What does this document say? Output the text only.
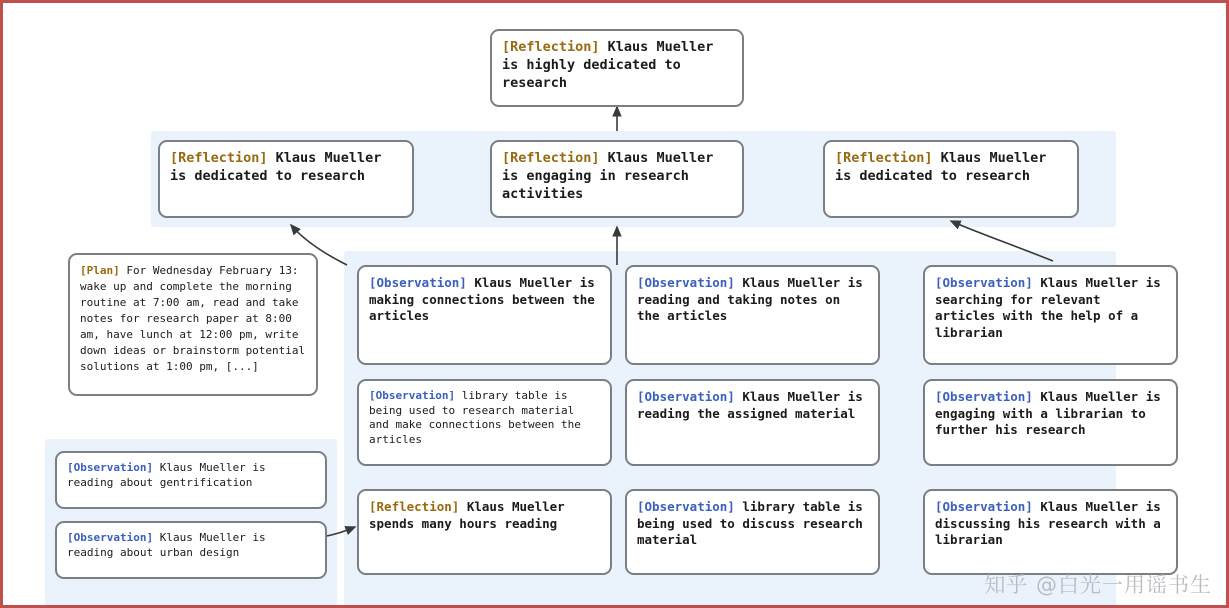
[Reflection] Klaus Mueller is highly dedicated to research
[Reflection] Klaus Mueller is dedicated to research
[Reflection] Klaus Mueller is engaging in research activities
[Reflection] Klaus Mueller is dedicated to research
[Plan] For Wednesday February 13: wake up and complete the morning routine at 7:00 am, read and take notes for research paper at 8:00 am, have lunch at 12:00 pm, write down ideas or brainstorm potential solutions at 1:00 pm, [...]
[Observation] Klaus Mueller is reading about gentrification
[Observation] Klaus Mueller is reading about urban design
[Observation] Klaus Mueller is making connections between the articles
[Observation] library table is being used to research material and make connections between the articles
[Reflection] Klaus Mueller spends many hours reading
[Observation] Klaus Mueller is reading and taking notes on the articles
[Observation] Klaus Mueller is reading the assigned material
[Observation] library table is being used to discuss research material
[Observation] Klaus Mueller is searching for relevant articles with the help of a librarian
[Observation] Klaus Mueller is engaging with a librarian to further his research
[Observation] Klaus Mueller is discussing his research with a librarian
知乎 @白光一用谣书生
